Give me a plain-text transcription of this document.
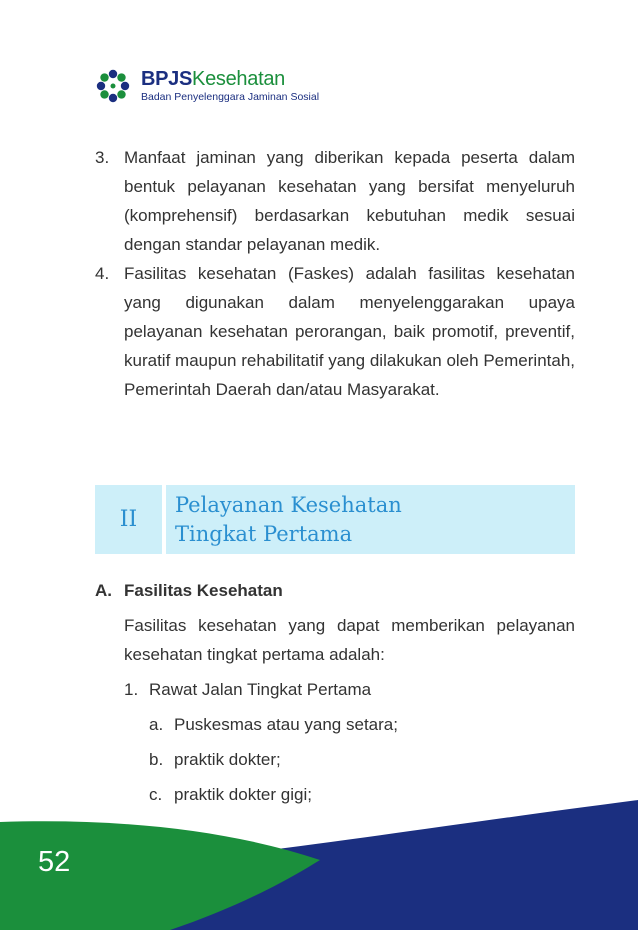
BPJSKesehatan
Badan Penyelenggara Jaminan Sosial
3. Manfaat jaminan yang diberikan kepada peserta dalam bentuk pelayanan kesehatan yang bersifat menyeluruh (komprehensif) berdasarkan kebutuhan medik sesuai dengan standar pelayanan medik.
4. Fasilitas kesehatan (Faskes) adalah fasilitas kesehatan yang digunakan dalam menyelenggarakan upaya pelayanan kesehatan perorangan, baik promotif, preventif, kuratif maupun rehabilitatif yang dilakukan oleh Pemerintah, Pemerintah Daerah dan/atau Masyarakat.
II
Pelayanan Kesehatan
Tingkat Pertama
A. Fasilitas Kesehatan
Fasilitas kesehatan yang dapat memberikan pelayanan kesehatan tingkat pertama adalah:
1. Rawat Jalan Tingkat Pertama
a. Puskesmas atau yang setara;
b. praktik dokter;
c. praktik dokter gigi;
52
